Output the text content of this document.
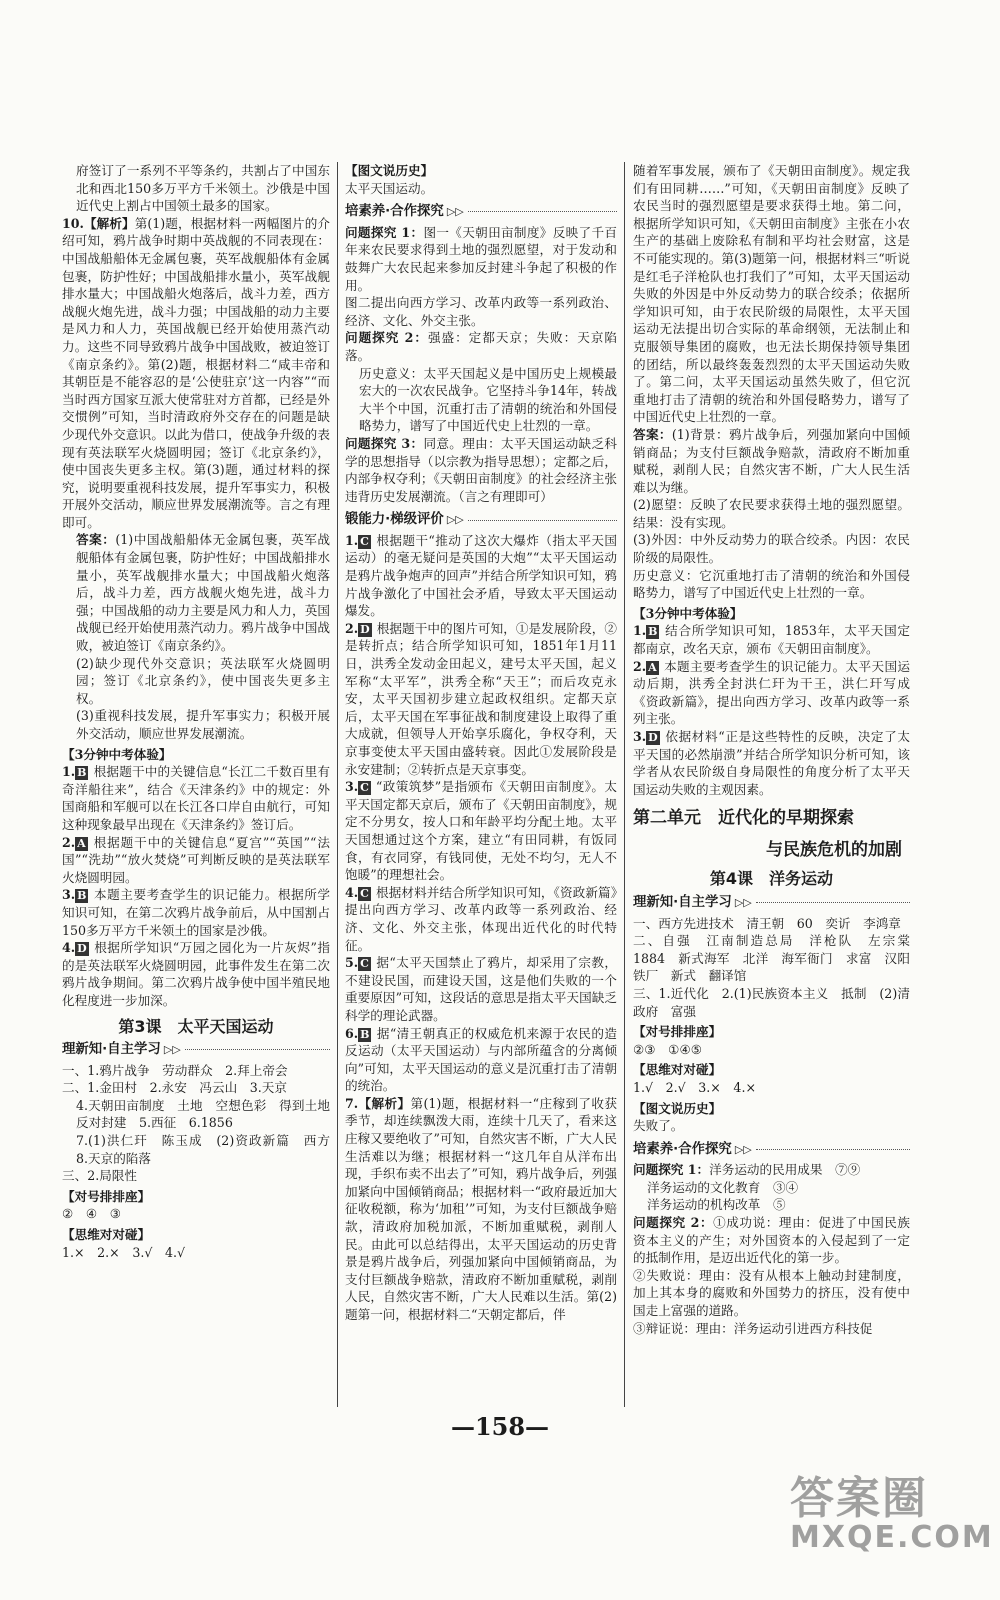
府签订了一系列不平等条约，共割占了中国东北和西北150多万平方千米领土。沙俄是中国近代史上割占中国领土最多的国家。

10.【解析】第(1)题，根据材料一两幅图片的介绍可知，鸦片战争时期中英战舰的不同表现在：中国战船船体无金属包裹，英军战舰船体有金属包裹，防护性好；中国战船排水量小，英军战舰排水量大；中国战船火炮落后，战斗力差，西方战舰火炮先进，战斗力强；中国战船的动力主要是风力和人力，英国战舰已经开始使用蒸汽动力。这些不同导致鸦片战争中国战败，被迫签订《南京条约》。第(2)题，根据材料二“咸丰帝和其朝臣是不能容忍的是‘公使驻京’这一内容”“而当时西方国家互派大使常驻对方首都，已经是外交惯例”可知，当时清政府外交存在的问题是缺少现代外交意识。以此为借口，使战争升级的表现有英法联军火烧圆明园；签订《北京条约》，使中国丧失更多主权。第(3)题，通过材料的探究，说明要重视科技发展，提升军事实力，积极开展外交活动，顺应世界发展潮流等。言之有理即可。

答案：(1)中国战船船体无金属包裹，英军战舰船体有金属包裹，防护性好；中国战船排水量小，英军战舰排水量大；中国战船火炮落后，战斗力差，西方战舰火炮先进，战斗力强；中国战船的动力主要是风力和人力，英国战舰已经开始使用蒸汽动力。鸦片战争中国战败，被迫签订《南京条约》。

(2)缺少现代外交意识；英法联军火烧圆明园；签订《北京条约》，使中国丧失更多主权。

(3)重视科技发展，提升军事实力；积极开展外交活动，顺应世界发展潮流。

【3分钟中考体验】

1. B 根据题干中的关键信息“长江二千数百里有奇洋船往来”，结合《天津条约》中的规定：外国商船和军舰可以在长江各口岸自由航行，可知这种现象最早出现在《天津条约》签订后。

2. A 根据题干中的关键信息“夏宫”“英国”“法国”“洗劫”“放火焚烧”可判断反映的是英法联军火烧圆明园。

3. B 本题主要考查学生的识记能力。根据所学知识可知，在第二次鸦片战争前后，从中国割占150多万平方千米领土的国家是沙俄。

4. D 根据所学知识“万园之园化为一片灰烬”指的是英法联军火烧圆明园，此事件发生在第二次鸦片战争期间。第二次鸦片战争使中国半殖民地化程度进一步加深。

第3课　太平天国运动
理新知·自主学习 ▷▷

一、1.鸦片战争　劳动群众　2.拜上帝会

二、1.金田村　2.永安　冯云山　3.天京

4.天朝田亩制度　土地　空想色彩　得到土地　反对封建　5.西征　6.1856

7.(1)洪仁玕　陈玉成　(2)资政新篇　西方　8.天京的陷落

三、2.局限性

【对号排排座】

②　④　③

【思维对对碰】

1.×　2.×　3.√　4.√

【图文说历史】

太平天国运动。

培素养·合作探究 ▷▷

问题探究 1：图一《天朝田亩制度》反映了千百年来农民要求得到土地的强烈愿望，对于发动和鼓舞广大农民起来参加反封建斗争起了积极的作用。

图二提出向西方学习、改革内政等一系列政治、经济、文化、外交主张。

问题探究 2：强盛：定都天京；失败：天京陷落。

历史意义：太平天国起义是中国历史上规模最宏大的一次农民战争。它坚持斗争14年，转战大半个中国，沉重打击了清朝的统治和外国侵略势力，谱写了中国近代史上壮烈的一章。

问题探究 3：同意。理由：太平天国运动缺乏科学的思想指导（以宗教为指导思想）；定都之后，内部争权夺利；《天朝田亩制度》的社会经济主张违背历史发展潮流。（言之有理即可）

锻能力·梯级评价 ▷▷

1. C 根据题干“推动了这次大爆炸（指太平天国运动）的毫无疑问是英国的大炮”“太平天国运动是鸦片战争炮声的回声”并结合所学知识可知，鸦片战争激化了中国社会矛盾，导致太平天国运动爆发。

2. D 根据题干中的图片可知，①是发展阶段，②是转折点；结合所学知识可知，1851年1月11日，洪秀全发动金田起义，建号太平天国，起义军称“太平军”，洪秀全称“天王”；而后攻克永安，太平天国初步建立起政权组织。定都天京后，太平天国在军事征战和制度建设上取得了重大成就，但领导人开始享乐腐化，争权夺利，天京事变使太平天国由盛转衰。因此①发展阶段是永安建制；②转折点是天京事变。

3. C “政策筑梦”是指颁布《天朝田亩制度》。太平天国定都天京后，颁布了《天朝田亩制度》，规定不分男女，按人口和年龄平均分配土地。太平天国想通过这个方案，建立“有田同耕，有饭同食，有衣同穿，有钱同使，无处不均匀，无人不饱暖”的理想社会。

4. C 根据材料并结合所学知识可知，《资政新篇》提出向西方学习、改革内政等一系列政治、经济、文化、外交主张，体现出近代化的时代特征。

5. C 据“太平天国禁止了鸦片，却采用了宗教，不建设民国，而建设天国，这是他们失败的一个重要原因”可知，这段话的意思是指太平天国缺乏科学的理论武器。

6. B 据“清王朝真正的权威危机来源于农民的造反运动（太平天国运动）与内部所蕴含的分离倾向”可知，太平天国运动的意义是沉重打击了清朝的统治。

7.【解析】第(1)题，根据材料一“庄稼到了收获季节，却连续飘泼大雨，连续十几天了，看来这庄稼又要绝收了”可知，自然灾害不断，广大人民生活难以为继；根据材料一“这几年自从洋布出现，手织布卖不出去了”可知，鸦片战争后，列强加紧向中国倾销商品；根据材料一“政府最近加大征收税额，称为‘加租’”可知，为支付巨额战争赔款，清政府加税加派，不断加重赋税，剥削人民。由此可以总结得出，太平天国运动的历史背景是鸦片战争后，列强加紧向中国倾销商品，为支付巨额战争赔款，清政府不断加重赋税，剥削人民，自然灾害不断，广大人民难以生活。第(2)题第一问，根据材料二“天朝定都后，伴

随着军事发展，颁布了《天朝田亩制度》。规定我们有田同耕……”可知，《天朝田亩制度》反映了农民当时的强烈愿望是要求获得土地。第二问，根据所学知识可知，《天朝田亩制度》主张在小农生产的基础上废除私有制和平均社会财富，这是不可能实现的。第(3)题第一问，根据材料三“听说是红毛子洋枪队也打我们了”可知，太平天国运动失败的外因是中外反动势力的联合绞杀；依据所学知识可知，由于农民阶级的局限性，太平天国运动无法提出切合实际的革命纲领，无法制止和克服领导集团的腐败，也无法长期保持领导集团的团结，所以最终轰轰烈烈的太平天国运动失败了。第二问，太平天国运动虽然失败了，但它沉重地打击了清朝的统治和外国侵略势力，谱写了中国近代史上壮烈的一章。

答案：(1)背景：鸦片战争后，列强加紧向中国倾销商品；为支付巨额战争赔款，清政府不断加重赋税，剥削人民；自然灾害不断，广大人民生活难以为继。

(2)愿望：反映了农民要求获得土地的强烈愿望。结果：没有实现。

(3)外因：中外反动势力的联合绞杀。内因：农民阶级的局限性。

历史意义：它沉重地打击了清朝的统治和外国侵略势力，谱写了中国近代史上壮烈的一章。

【3分钟中考体验】

1. B 结合所学知识可知，1853年，太平天国定都南京，改名天京，颁布《天朝田亩制度》。

2. A 本题主要考查学生的识记能力。太平天国运动后期，洪秀全封洪仁玕为干王，洪仁玕写成《资政新篇》，提出向西方学习、改革内政等一系列主张。

3. D 依据材料“正是这些特性的反映，决定了太平天国的必然崩溃”并结合所学知识分析可知，该学者从农民阶级自身局限性的角度分析了太平天国运动失败的主观因素。

第二单元　近代化的早期探索
与民族危机的加剧
第4课　洋务运动
理新知·自主学习 ▷▷

一、西方先进技术　清王朝　60　奕䜣　李鸿章

二、自强　江南制造总局　洋枪队　左宗棠　1884　新式海军　北洋　海军衙门　求富　汉阳铁厂　新式　翻译馆

三、1.近代化　2.(1)民族资本主义　抵制　(2)清政府　富强

【对号排排座】

②③　①④⑤

【思维对对碰】

1.√　2.√　3.×　4.×

【图文说历史】

失败了。

培素养·合作探究 ▷▷

问题探究 1：洋务运动的民用成果　⑦⑨

洋务运动的文化教育　③④

洋务运动的机构改革　⑤

问题探究 2：①成功说：理由：促进了中国民族资本主义的产生；对外国资本的入侵起到了一定的抵制作用，是迈出近代化的第一步。

②失败说：理由：没有从根本上触动封建制度，加上其本身的腐败和外国势力的挤压，没有使中国走上富强的道路。

③辩证说：理由：洋务运动引进西方科技促

—158—
答案圈
MXQE.COM
